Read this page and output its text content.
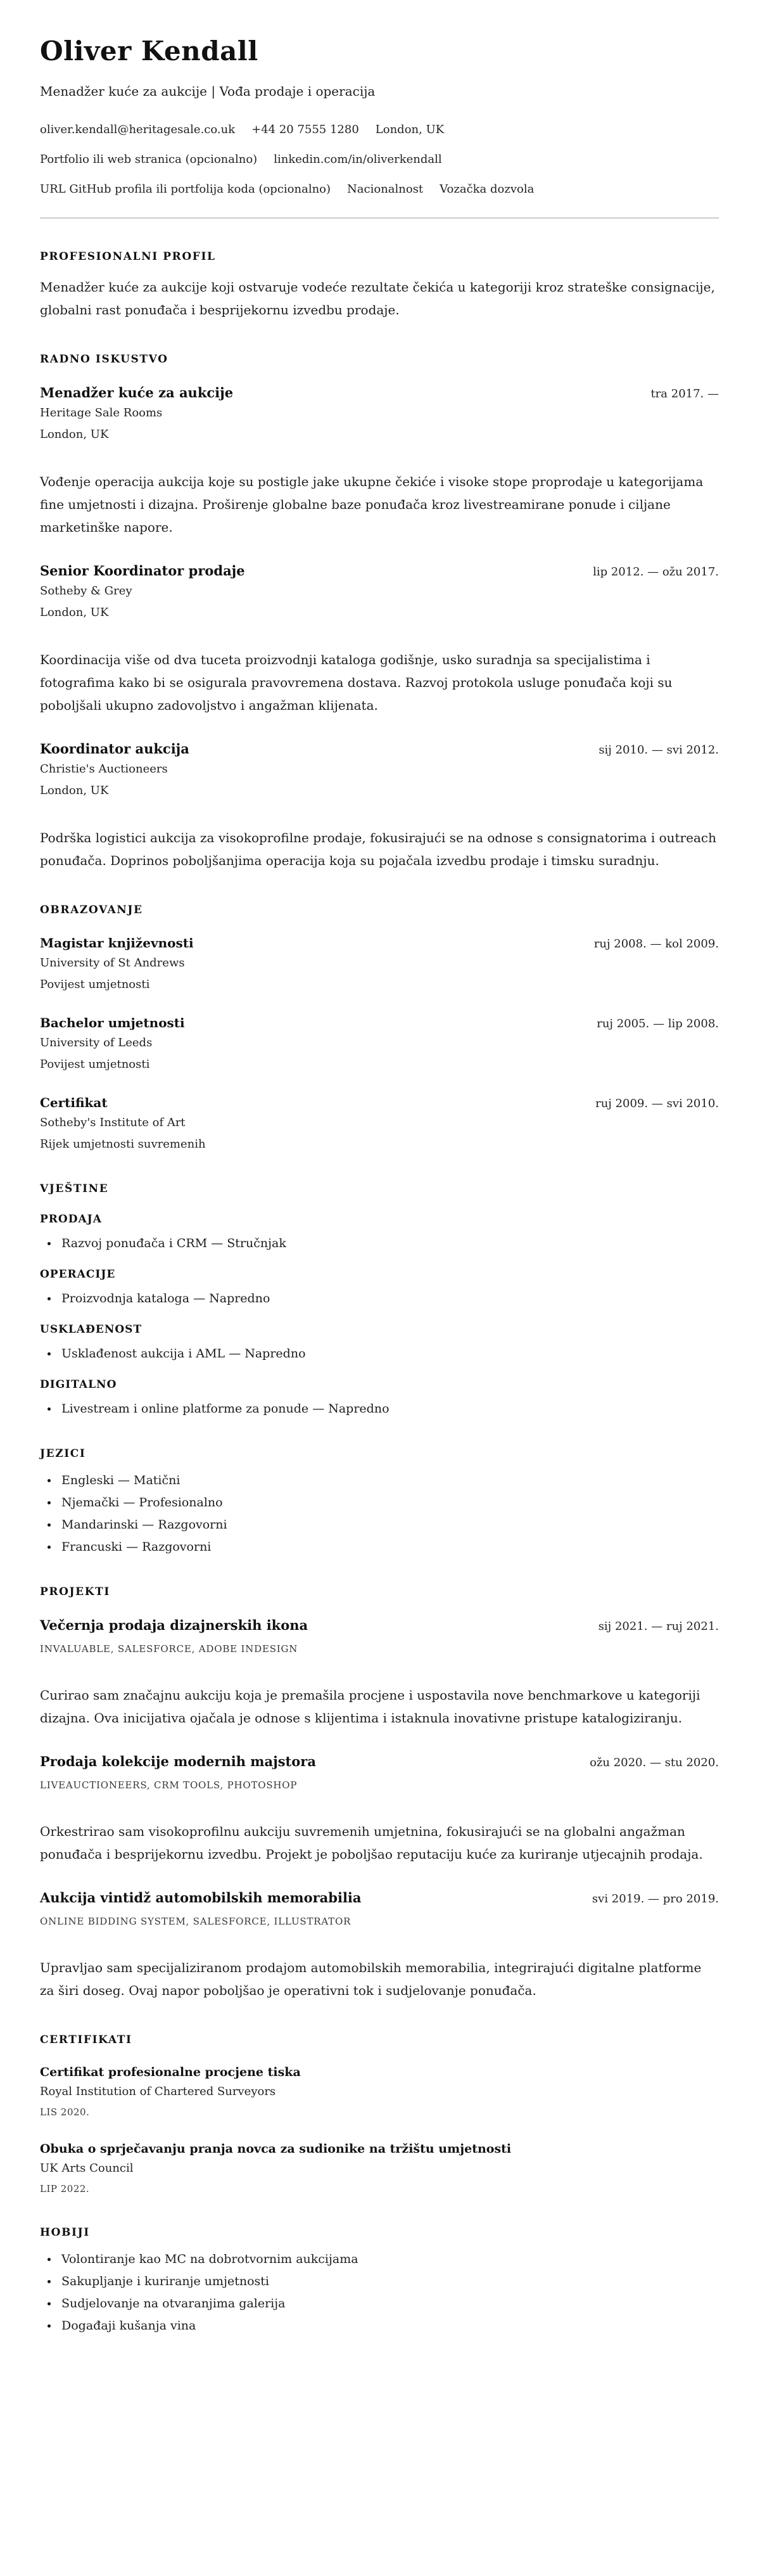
Oliver Kendall
Menadžer kuće za aukcije | Vođa prodaje i operacija
oliver.kendall@heritagesale.co.uk +44 20 7555 1280 London, UK
Portfolio ili web stranica (opcionalno) linkedin.com/in/oliverkendall
URL GitHub profila ili portfolija koda (opcionalno) Nacionalnost Vozačka dozvola
PROFESIONALNI PROFIL
Menadžer kuće za aukcije koji ostvaruje vodeće rezultate čekića u kategoriji kroz strateške consignacije, globalni rast ponuđača i besprijekornu izvedbu prodaje.
RADNO ISKUSTVO
Menadžer kuće za aukcije	tra 2017. —
Heritage Sale Rooms
London, UK
Vođenje operacija aukcija koje su postigle jake ukupne čekiće i visoke stope proprodaje u kategorijama fine umjetnosti i dizajna. Proširenje globalne baze ponuđača kroz livestreamirane ponude i ciljane marketinške napore.
Senior Koordinator prodaje	lip 2012. — ožu 2017.
Sotheby & Grey
London, UK
Koordinacija više od dva tuceta proizvodnji kataloga godišnje, usko suradnja sa specijalistima i fotografima kako bi se osigurala pravovremena dostava. Razvoj protokola usluge ponuđača koji su poboljšali ukupno zadovoljstvo i angažman klijenata.
Koordinator aukcija	sij 2010. — svi 2012.
Christie's Auctioneers
London, UK
Podrška logistici aukcija za visokoprofilne prodaje, fokusirajući se na odnose s consignatorima i outreach ponuđača. Doprinos poboljšanjima operacija koja su pojačala izvedbu prodaje i timsku suradnju.
OBRAZOVANJE
Magistar književnosti	ruj 2008. — kol 2009.
University of St Andrews
Povijest umjetnosti
Bachelor umjetnosti	ruj 2005. — lip 2008.
University of Leeds
Povijest umjetnosti
Certifikat	ruj 2009. — svi 2010.
Sotheby's Institute of Art
Rijek umjetnosti suvremenih
VJEŠTINE
PRODAJA
Razvoj ponuđača i CRM — Stručnjak
OPERACIJE
Proizvodnja kataloga — Napredno
USKLAĐENOST
Usklađenost aukcija i AML — Napredno
DIGITALNO
Livestream i online platforme za ponude — Napredno
JEZICI
Engleski — Matični
Njemački — Profesionalno
Mandarinski — Razgovorni
Francuski — Razgovorni
PROJEKTI
Večernja prodaja dizajnerskih ikona	sij 2021. — ruj 2021.
INVALUABLE, SALESFORCE, ADOBE INDESIGN
Curirao sam značajnu aukciju koja je premašila procjene i uspostavila nove benchmarkove u kategoriji dizajna. Ova inicijativa ojačala je odnose s klijentima i istaknula inovativne pristupe katalogiziranju.
Prodaja kolekcije modernih majstora	ožu 2020. — stu 2020.
LIVEAUCTIONEERS, CRM TOOLS, PHOTOSHOP
Orkestrirao sam visokoprofilnu aukciju suvremenih umjetnina, fokusirajući se na globalni angažman ponuđača i besprijekornu izvedbu. Projekt je poboljšao reputaciju kuće za kuriranje utjecajnih prodaja.
Aukcija vintidž automobilskih memorabilia	svi 2019. — pro 2019.
ONLINE BIDDING SYSTEM, SALESFORCE, ILLUSTRATOR
Upravljao sam specijaliziranom prodajom automobilskih memorabilia, integrirajući digitalne platforme za širi doseg. Ovaj napor poboljšao je operativni tok i sudjelovanje ponuđača.
CERTIFIKATI
Certifikat profesionalne procjene tiska
Royal Institution of Chartered Surveyors
LIS 2020.
Obuka o sprječavanju pranja novca za sudionike na tržištu umjetnosti
UK Arts Council
LIP 2022.
HOBIJI
Volontiranje kao MC na dobrotvornim aukcijama
Sakupljanje i kuriranje umjetnosti
Sudjelovanje na otvaranjima galerija
Događaji kušanja vina
